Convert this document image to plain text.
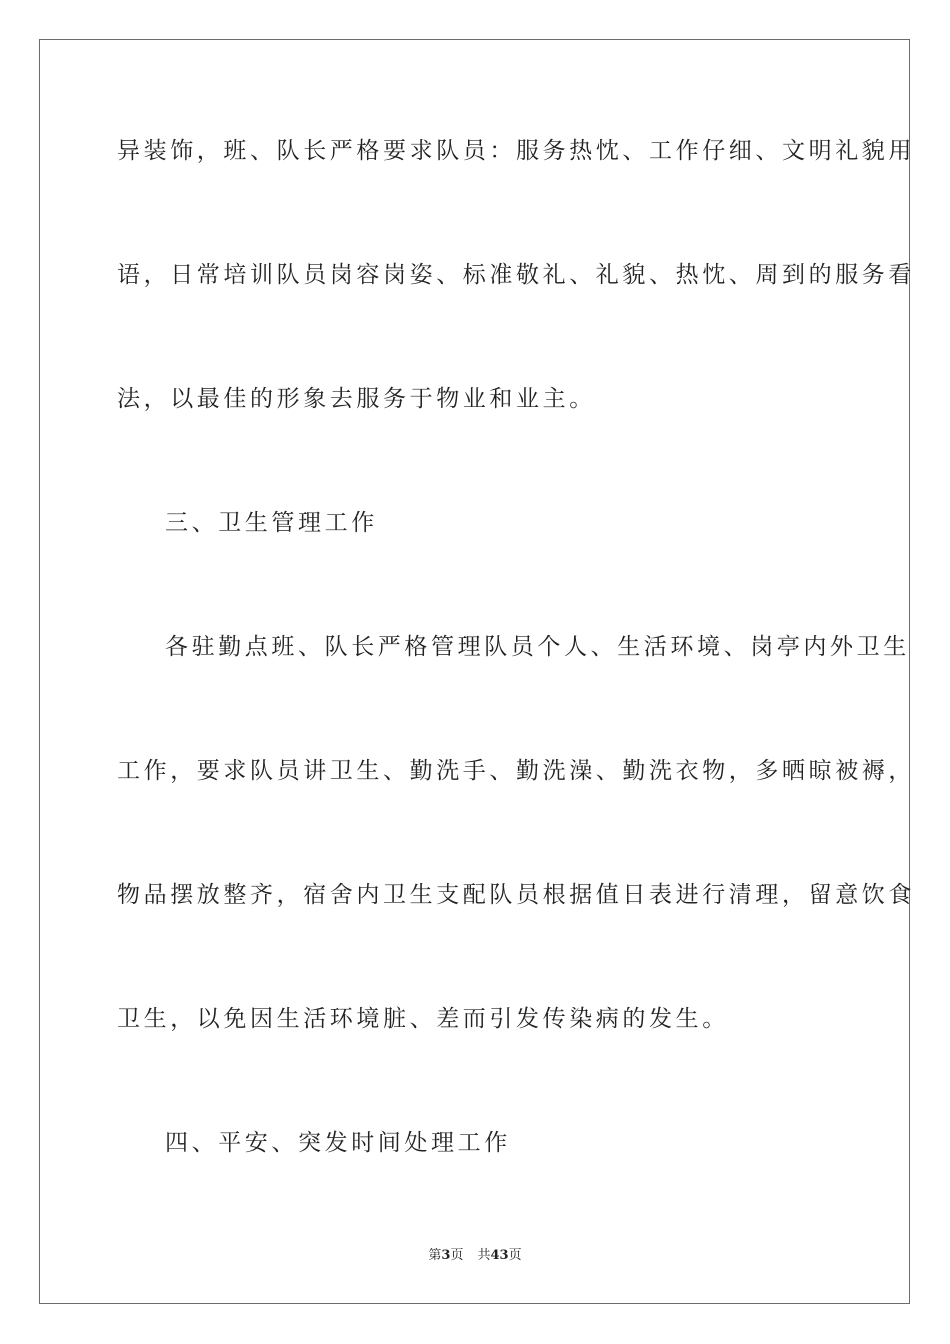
异装饰，班、队长严格要求队员：服务热忱、工作仔细、文明礼貌用
语，日常培训队员岗容岗姿、标准敬礼、礼貌、热忱、周到的服务看
法，以最佳的形象去服务于物业和业主。
三、卫生管理工作
各驻勤点班、队长严格管理队员个人、生活环境、岗亭内外卫生
工作，要求队员讲卫生、勤洗手、勤洗澡、勤洗衣物，多晒晾被褥，
物品摆放整齐，宿舍内卫生支配队员根据值日表进行清理，留意饮食
卫生，以免因生活环境脏、差而引发传染病的发生。
四、平安、突发时间处理工作
第3页 共43页
